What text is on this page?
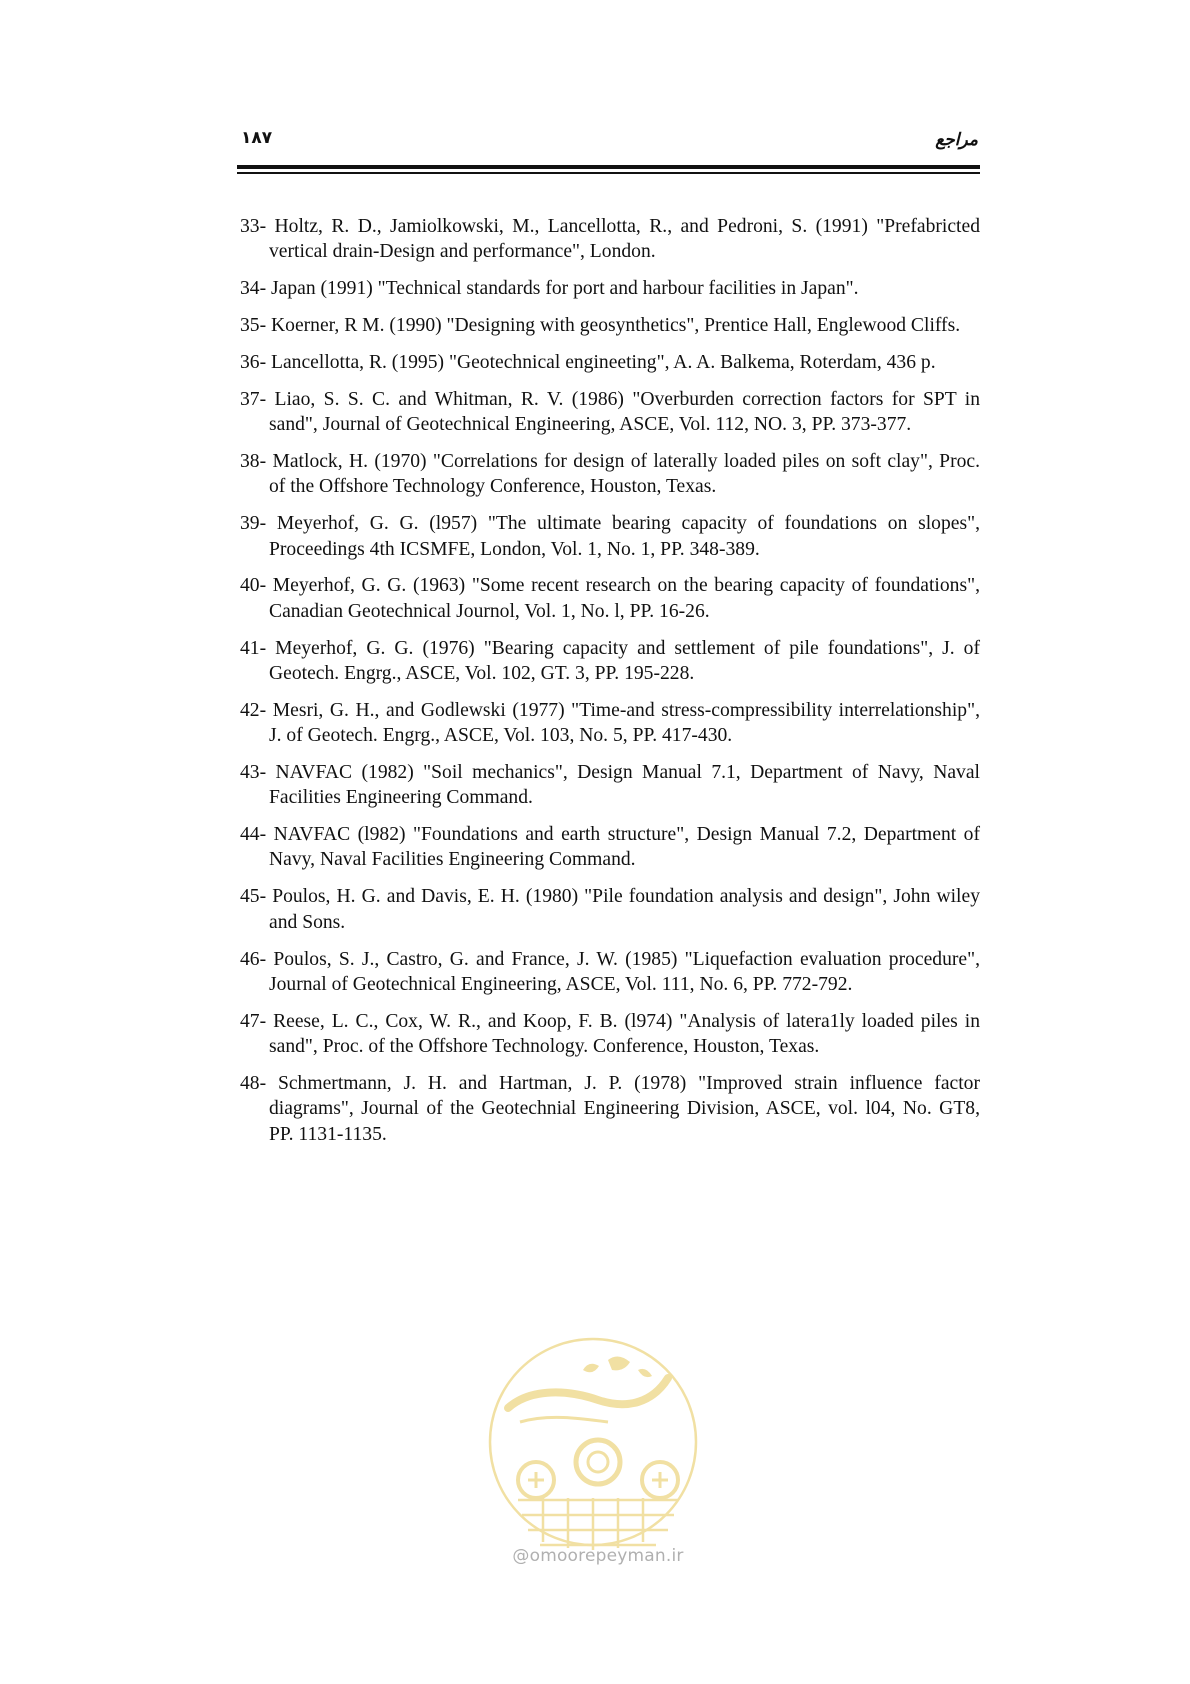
۱۸۷	مراجع
33- Holtz, R. D., Jamiolkowski, M., Lancellotta, R., and Pedroni, S. (1991) "Prefabricted vertical drain-Design and performance", London.
34- Japan (1991) "Technical standards for port and harbour facilities in Japan".
35- Koerner, R M. (1990) "Designing with geosynthetics", Prentice Hall, Englewood Cliffs.
36- Lancellotta, R. (1995) "Geotechnical engineeting", A. A. Balkema, Roterdam, 436 p.
37- Liao, S. S. C. and Whitman, R. V. (1986) "Overburden correction factors for SPT in sand", Journal of Geotechnical Engineering, ASCE, Vol. 112, NO. 3, PP. 373-377.
38- Matlock, H. (1970) "Correlations for design of laterally loaded piles on soft clay", Proc. of the Offshore Technology Conference, Houston, Texas.
39- Meyerhof, G. G. (l957) "The ultimate bearing capacity of foundations on slopes", Proceedings 4th ICSMFE, London, Vol. 1, No. 1, PP. 348-389.
40- Meyerhof, G. G. (1963) "Some recent research on the bearing capacity of foundations", Canadian Geotechnical Journol, Vol. 1, No. l, PP. 16-26.
41- Meyerhof, G. G. (1976) "Bearing capacity and settlement of pile foundations", J. of Geotech. Engrg., ASCE, Vol. 102, GT. 3, PP. 195-228.
42- Mesri, G. H., and Godlewski (1977) "Time-and stress-compressibility interrelationship", J. of Geotech. Engrg., ASCE, Vol. 103, No. 5, PP. 417-430.
43- NAVFAC (1982) "Soil mechanics", Design Manual 7.1, Department of Navy, Naval Facilities Engineering Command.
44- NAVFAC (l982) "Foundations and earth structure", Design Manual 7.2, Department of Navy, Naval Facilities Engineering Command.
45- Poulos, H. G. and Davis, E. H. (1980) "Pile foundation analysis and design", John wiley and Sons.
46- Poulos, S. J., Castro, G. and France, J. W. (1985) "Liquefaction evaluation procedure", Journal of Geotechnical Engineering, ASCE, Vol. 111, No. 6, PP. 772-792.
47- Reese, L. C., Cox, W. R., and Koop, F. B. (l974) "Analysis of latera1ly loaded piles in sand", Proc. of the Offshore Technology. Conference, Houston, Texas.
48- Schmertmann, J. H. and Hartman, J. P. (1978) "Improved strain influence factor diagrams", Journal of the Geotechnial Engineering Division, ASCE, vol. l04, No. GT8, PP. 1131-1135.
@omoorepeyman.ir
